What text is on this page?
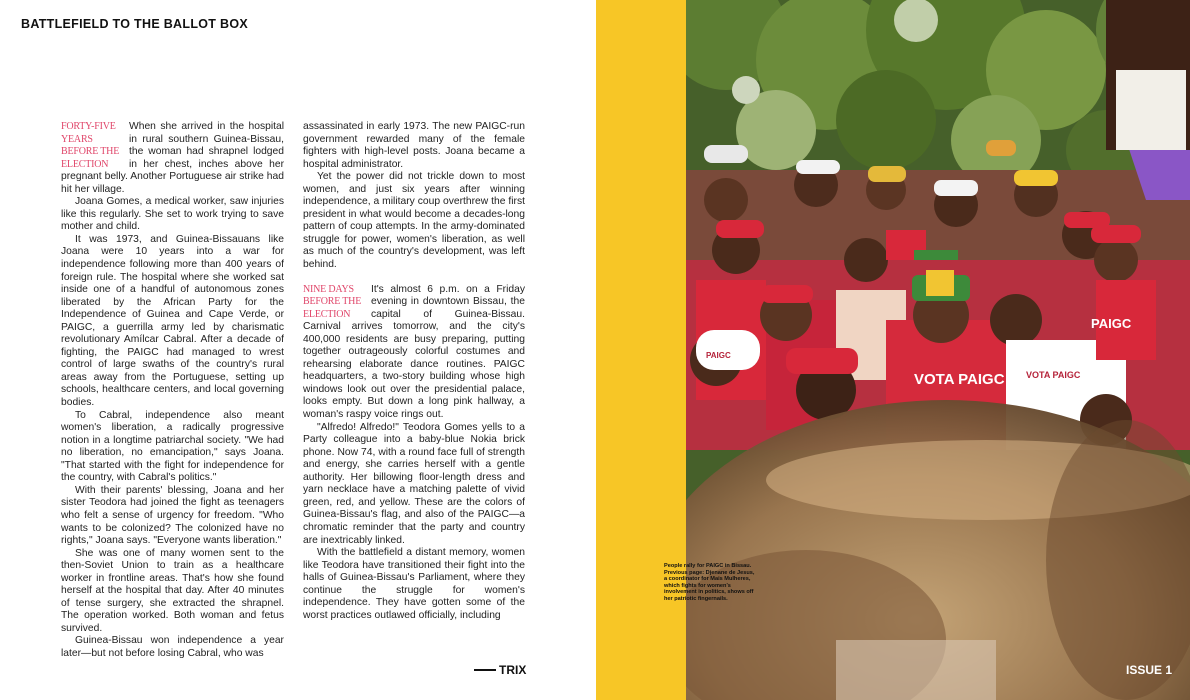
BATTLEFIELD TO THE BALLOT BOX
FORTY-FIVE YEARS BEFORE THE ELECTION

When she arrived in the hospital in rural southern Guinea-Bissau, the woman had shrapnel lodged in her chest, inches above her pregnant belly. Another Portuguese air strike had hit her village.

Joana Gomes, a medical worker, saw injuries like this regularly. She set to work trying to save mother and child.

It was 1973, and Guinea-Bissauans like Joana were 10 years into a war for independence following more than 400 years of foreign rule. The hospital where she worked sat inside one of a handful of autonomous zones liberated by the African Party for the Independence of Guinea and Cape Verde, or PAIGC, a guerrilla army led by charismatic revolutionary Amílcar Cabral. After a decade of fighting, the PAIGC had managed to wrest control of large swaths of the country's rural areas away from the Portuguese, setting up schools, healthcare centers, and local governing bodies.

To Cabral, independence also meant women's liberation, a radically progressive notion in a longtime patriarchal society. "We had no liberation, no emancipation," says Joana. "That started with the fight for independence for the country, with Cabral's politics."

With their parents' blessing, Joana and her sister Teodora had joined the fight as teenagers who felt a sense of urgency for freedom. "Who wants to be colonized? The colonized have no rights," Joana says. "Everyone wants liberation."

She was one of many women sent to the then-Soviet Union to train as a healthcare worker in frontline areas. That's how she found herself at the hospital that day. After 40 minutes of tense surgery, she extracted the shrapnel. The operation worked. Both woman and fetus survived.

Guinea-Bissau won independence a year later—but not before losing Cabral, who was

assassinated in early 1973. The new PAIGC-run government rewarded many of the female fighters with high-level posts. Joana became a hospital administrator.

Yet the power did not trickle down to most women, and just six years after winning independence, a military coup overthrew the first president in what would become a decades-long pattern of coup attempts. In the army-dominated struggle for power, women's liberation, as well as much of the country's development, was left behind.

NINE DAYS BEFORE THE ELECTION

It's almost 6 p.m. on a Friday evening in downtown Bissau, the capital of Guinea-Bissau. Carnival arrives tomorrow, and the city's 400,000 residents are busy preparing, putting together outrageously colorful costumes and rehearsing elaborate dance routines. PAIGC headquarters, a two-story building whose high windows look out over the presidential palace, looks empty. But down a long pink hallway, a woman's raspy voice rings out.

"Alfredo! Alfredo!" Teodora Gomes yells to a Party colleague into a baby-blue Nokia brick phone. Now 74, with a round face full of strength and energy, she carries herself with a gentle authority. Her billowing floor-length dress and yarn necklace have a matching palette of vivid green, red, and yellow. These are the colors of Guinea-Bissau's flag, and also of the PAIGC—a chromatic reminder that the party and country are inextricably linked.

With the battlefield a distant memory, women like Teodora have transitioned their fight into the halls of Guinea-Bissau's Parliament, where they continue the struggle for women's independence. They have gotten some of the worst practices outlawed officially, including

TRIX
VOTA PAIGC
PAIGC
VOTA PAIGC
PAIGC
People rally for PAIGC in Bissau. Previous page: Djenane de Jesus, a coordinator for Mais Mulheres, which fights for women's involvement in politics, shows off her patriotic fingernails.
ISSUE 1
